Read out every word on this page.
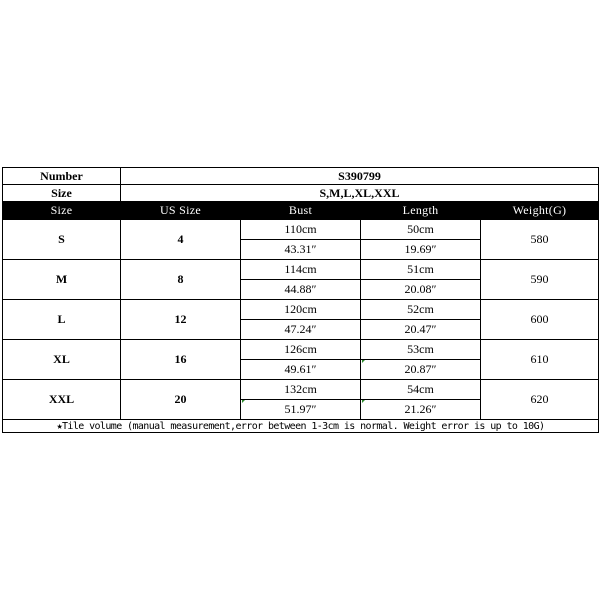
Number	S390799			
Size	S,M,L,XL,XXL			
Size	US Size	Bust	Length	Weight(G)
S	4	110cm	50cm	580
		43.31″	19.69″	
M	8	114cm	51cm	590
		44.88″	20.08″	
L	12	120cm	52cm	600
		47.24″	20.47″	
XL	16	126cm	53cm	610
		49.61″	20.87″	
XXL	20	132cm	54cm	620
		51.97″	21.26″	
★Tile volume (manual measurement,error between 1-3cm is normal. Weight error is up to 10G)				
